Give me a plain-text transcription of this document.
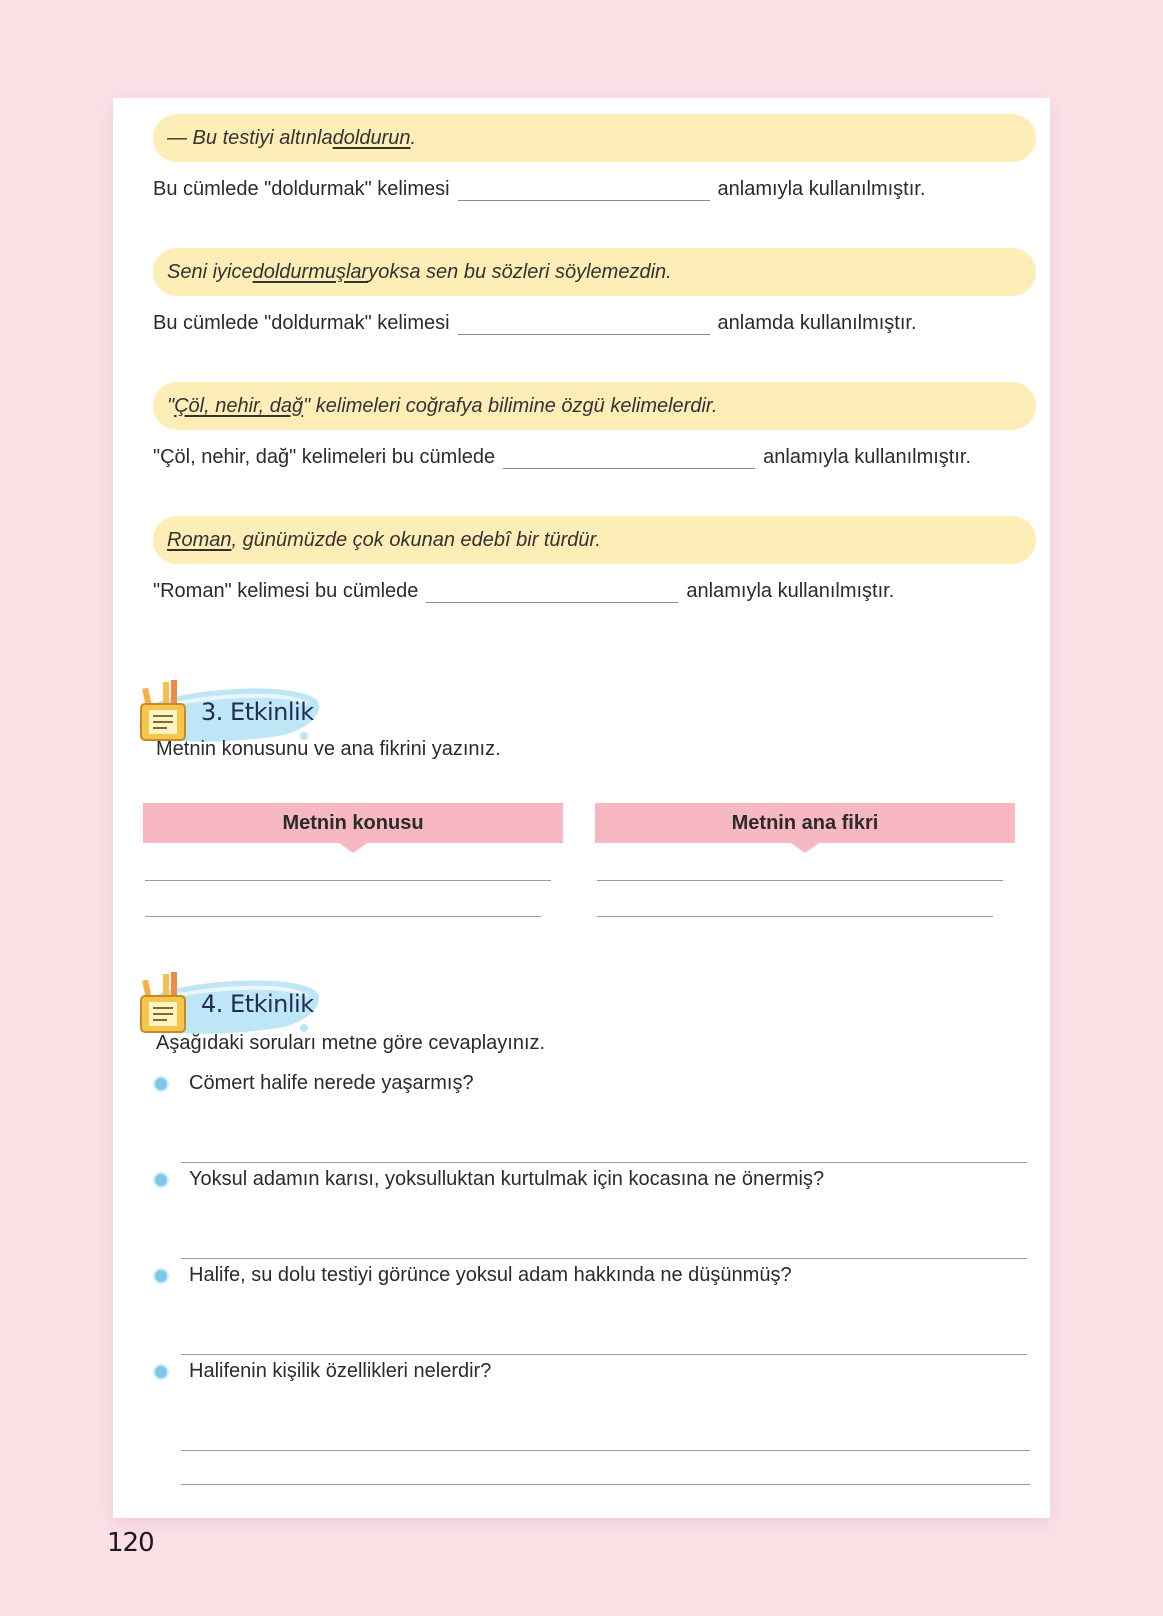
— Bu testiyi altınla doldurun .
Bu cümlede "doldurmak" kelimesi	anlamıyla kullanılmıştır.
Seni iyice doldurmuşlar yoksa sen bu sözleri söylemezdin.
Bu cümlede "doldurmak" kelimesi	anlamda kullanılmıştır.
" Çöl, nehir, dağ " kelimeleri coğrafya bilimine özgü kelimelerdir.
"Çöl, nehir, dağ" kelimeleri bu cümlede	anlamıyla kullanılmıştır.
Roman , günümüzde çok okunan edebî bir türdür.
"Roman" kelimesi bu cümlede	anlamıyla kullanılmıştır.
3. Etkinlik
Metnin konusunu ve ana fikrini yazınız.
Metnin konusu	Metnin ana fikri
4. Etkinlik
Aşağıdaki soruları metne göre cevaplayınız.
Cömert halife nerede yaşarmış?
Yoksul adamın karısı, yoksulluktan kurtulmak için kocasına ne önermiş?
Halife, su dolu testiyi görünce yoksul adam hakkında ne düşünmüş?
Halifenin kişilik özellikleri nelerdir?
120
